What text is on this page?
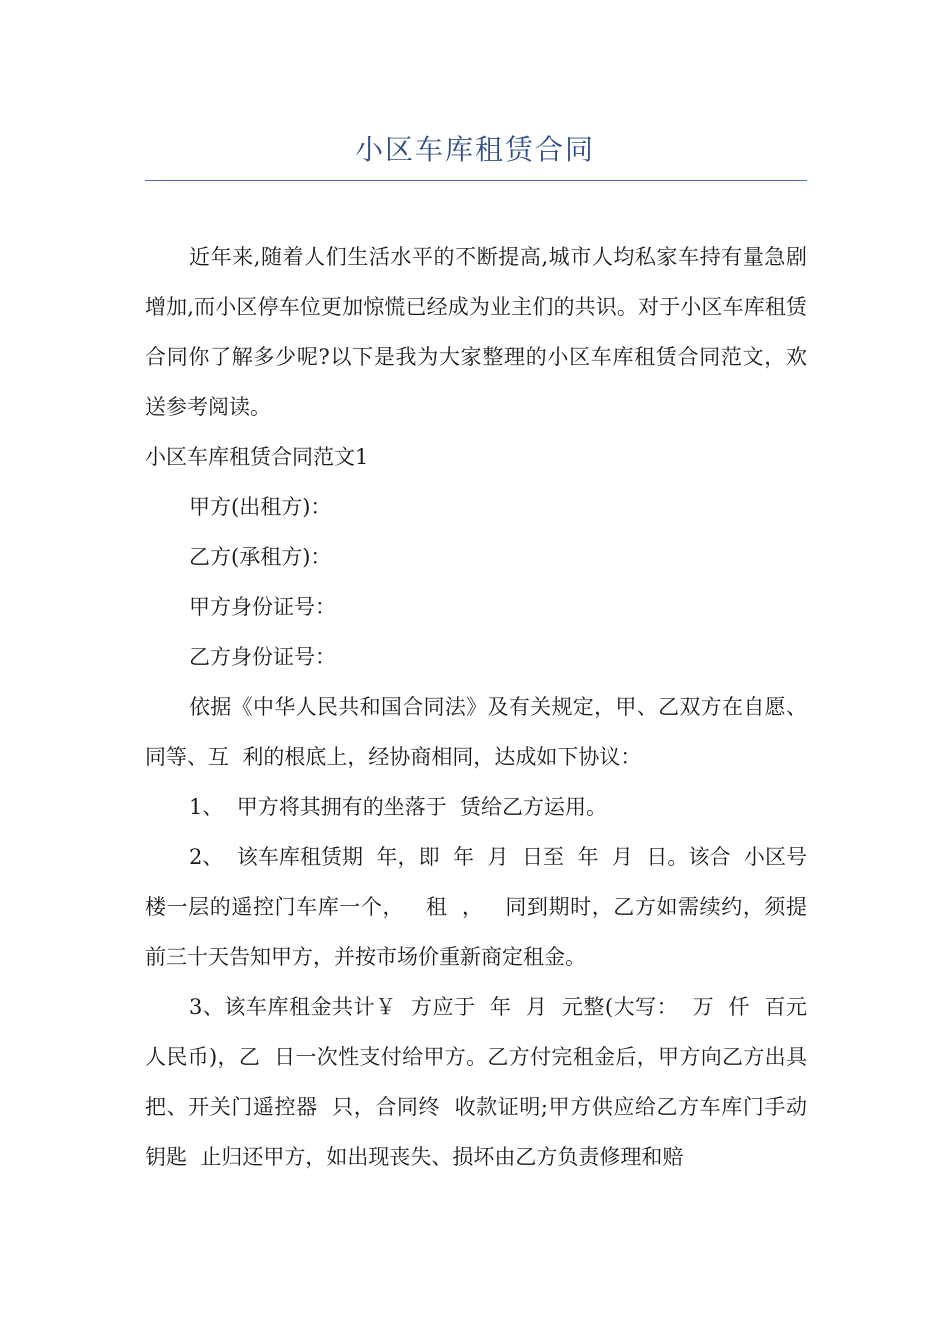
小区车库租赁合同

近年来,随着人们生活水平的不断提高,城市人均私家车持有量急剧增加,而小区停车位更加惊慌已经成为业主们的共识。对于小区车库租赁合同你了解多少呢?以下是我为大家整理的小区车库租赁合同范文，欢送参考阅读。

小区车库租赁合同范文1

甲方(出租方)：

乙方(承租方)：

甲方身份证号：

乙方身份证号：

依据《中华人民共和国合同法》及有关规定，甲、乙双方在自愿、同等、互  利的根底上，经协商相同，达成如下协议：

1、  甲方将其拥有的坐落于  赁给乙方运用。

2、  该车库租赁期  年，即  年  月  日至  年  月  日。该合  小区号楼一层的遥控门车库一个，   租  ，   同到期时，乙方如需续约，须提前三十天告知甲方，并按市场价重新商定租金。

3、该车库租金共计￥  方应于  年  月  元整(大写：  万  仟  百元人民币)，乙  日一次性支付给甲方。乙方付完租金后，甲方向乙方出具  把、开关门遥控器  只，合同终  收款证明;甲方供应给乙方车库门手动钥匙  止归还甲方，如出现丧失、损坏由乙方负责修理和赔
